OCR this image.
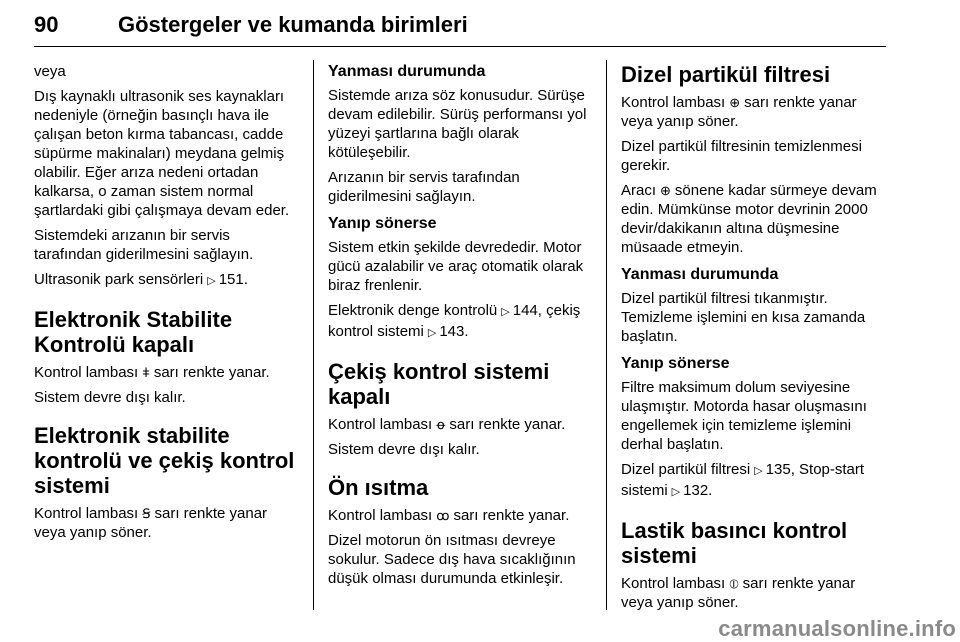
90	Göstergeler ve kumanda birimleri

veya

Dış kaynaklı ultrasonik ses kaynakları nedeniyle (örneğin basınçlı hava ile çalışan beton kırma tabancası, cadde süpürme makinaları) meydana gelmiş olabilir. Eğer arıza nedeni ortadan kalkarsa, o zaman sistem normal şartlardaki gibi çalışmaya devam eder.

Sistemdeki arızanın bir servis tarafından giderilmesini sağlayın.

Ultrasonik park sensörleri ▷ 151.

Elektronik Stabilite Kontrolü kapalı

Kontrol lambası ǂ sarı renkte yanar.

Sistem devre dışı kalır.

Elektronik stabilite kontrolü ve çekiş kontrol sistemi

Kontrol lambası Ꞩ sarı renkte yanar veya yanıp söner.

Yanması durumunda

Sistemde arıza söz konusudur. Sürüşe devam edilebilir. Sürüş performansı yol yüzeyi şartlarına bağlı olarak kötüleşebilir.

Arızanın bir servis tarafından giderilmesini sağlayın.

Yanıp sönerse

Sistem etkin şekilde devrededir. Motor gücü azalabilir ve araç otomatik olarak biraz frenlenir.

Elektronik denge kontrolü ▷ 144, çekiş kontrol sistemi ▷ 143.

Çekiş kontrol sistemi kapalı

Kontrol lambası ꝋ sarı renkte yanar.

Sistem devre dışı kalır.

Ön ısıtma

Kontrol lambası ꝏ sarı renkte yanar.

Dizel motorun ön ısıtması devreye sokulur. Sadece dış hava sıcaklığının düşük olması durumunda etkinleşir.

Dizel partikül filtresi

Kontrol lambası ⊕ sarı renkte yanar veya yanıp söner.

Dizel partikül filtresinin temizlenmesi gerekir.

Aracı ⊕ sönene kadar sürmeye devam edin. Mümkünse motor devrinin 2000 devir/dakikanın altına düşmesine müsaade etmeyin.

Yanması durumunda

Dizel partikül filtresi tıkanmıştır. Temizleme işlemini en kısa zamanda başlatın.

Yanıp sönerse

Filtre maksimum dolum seviyesine ulaşmıştır. Motorda hasar oluşmasını engellemek için temizleme işlemini derhal başlatın.

Dizel partikül filtresi ▷ 135, Stop-start sistemi ▷ 132.

Lastik basıncı kontrol sistemi

Kontrol lambası ⦶ sarı renkte yanar veya yanıp söner.

carmanualsonline.info
